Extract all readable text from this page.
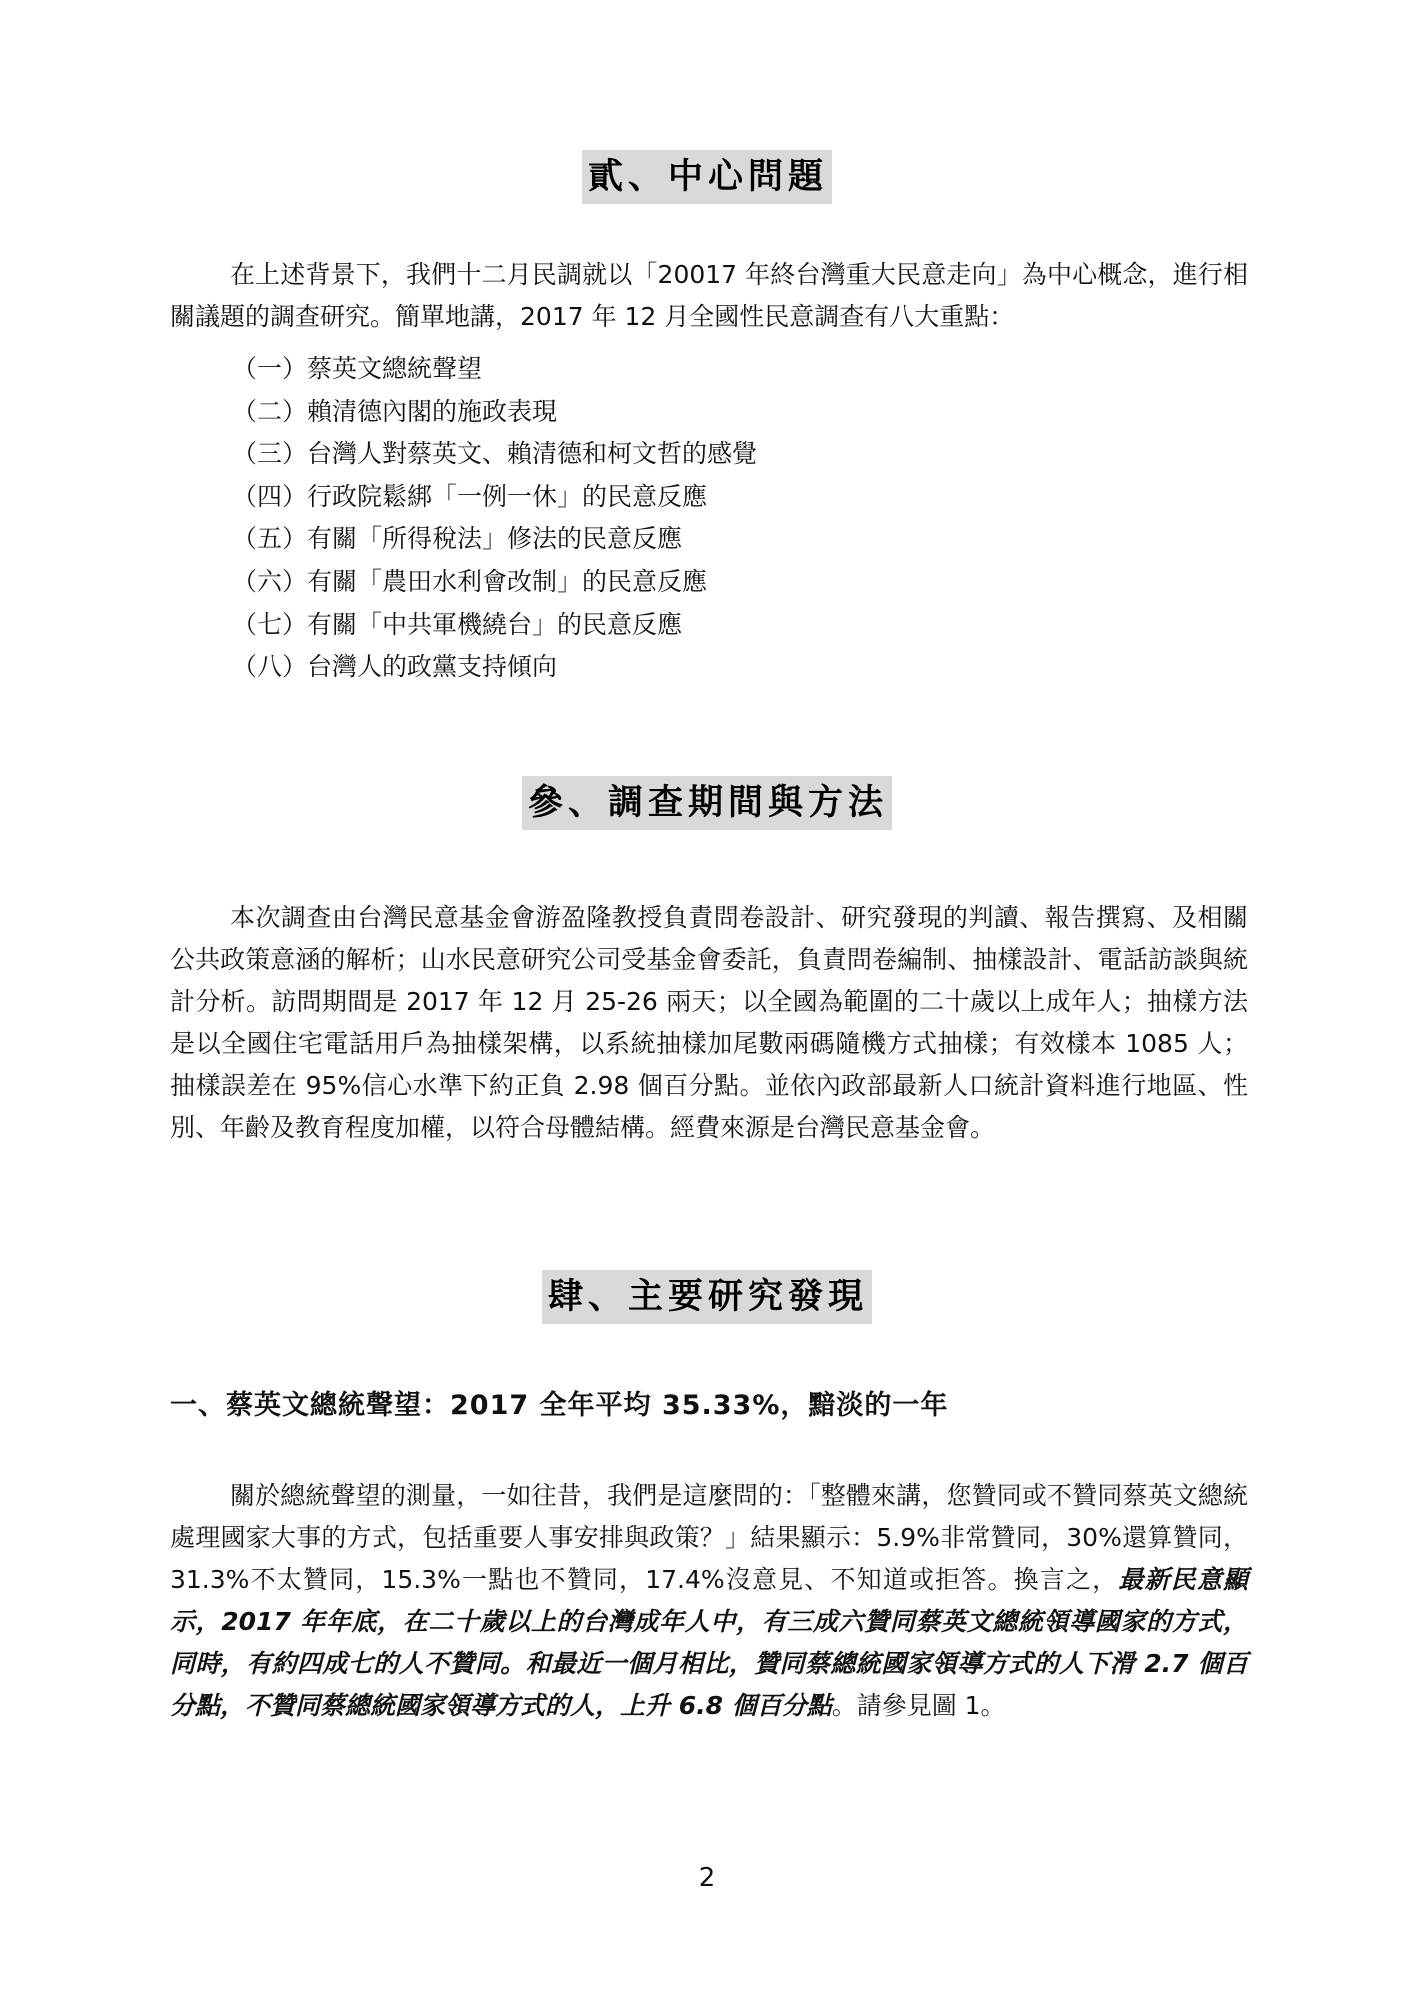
貳、中心問題

在上述背景下，我們十二月民調就以「20017 年終台灣重大民意走向」為中心概念，進行相關議題的調查研究。簡單地講，2017 年 12 月全國性民意調查有八大重點：

（一）蔡英文總統聲望
（二）賴清德內閣的施政表現
（三）台灣人對蔡英文、賴清德和柯文哲的感覺
（四）行政院鬆綁「一例一休」的民意反應
（五）有關「所得稅法」修法的民意反應
（六）有關「農田水利會改制」的民意反應
（七）有關「中共軍機繞台」的民意反應
（八）台灣人的政黨支持傾向
參、調查期間與方法

本次調查由台灣民意基金會游盈隆教授負責問卷設計、研究發現的判讀、報告撰寫、及相關公共政策意涵的解析；山水民意研究公司受基金會委託，負責問卷編制、抽樣設計、電話訪談與統計分析。訪問期間是 2017 年 12 月 25-26 兩天；以全國為範圍的二十歲以上成年人；抽樣方法是以全國住宅電話用戶為抽樣架構，以系統抽樣加尾數兩碼隨機方式抽樣；有效樣本 1085 人；抽樣誤差在 95%信心水準下約正負 2.98 個百分點。並依內政部最新人口統計資料進行地區、性別、年齡及教育程度加權，以符合母體結構。經費來源是台灣民意基金會。

肆、主要研究發現
一、蔡英文總統聲望：2017 全年平均 35.33%，黯淡的一年

關於總統聲望的測量，一如往昔，我們是這麼問的：「整體來講，您贊同或不贊同蔡英文總統處理國家大事的方式，包括重要人事安排與政策？」結果顯示：5.9%非常贊同，30%還算贊同，31.3%不太贊同，15.3%一點也不贊同，17.4%沒意見、不知道或拒答。換言之，最新民意顯示，2017 年年底，在二十歲以上的台灣成年人中，有三成六贊同蔡英文總統領導國家的方式，同時，有約四成七的人不贊同。和最近一個月相比，贊同蔡總統國家領導方式的人下滑 2.7 個百分點，不贊同蔡總統國家領導方式的人，上升 6.8 個百分點。請參見圖 1。

2
